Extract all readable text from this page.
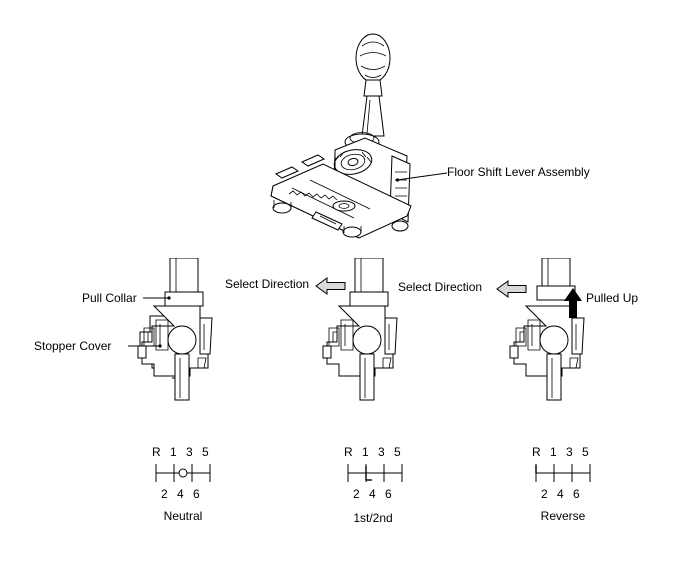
Floor Shift Lever Assembly
Pull Collar
Stopper Cover
Select Direction
R 1 3 5
2 4 6
Neutral
Select Direction
R 1 3 5
2 4 6
1st/2nd
Pulled Up
R 1 3 5
2 4 6
Reverse
